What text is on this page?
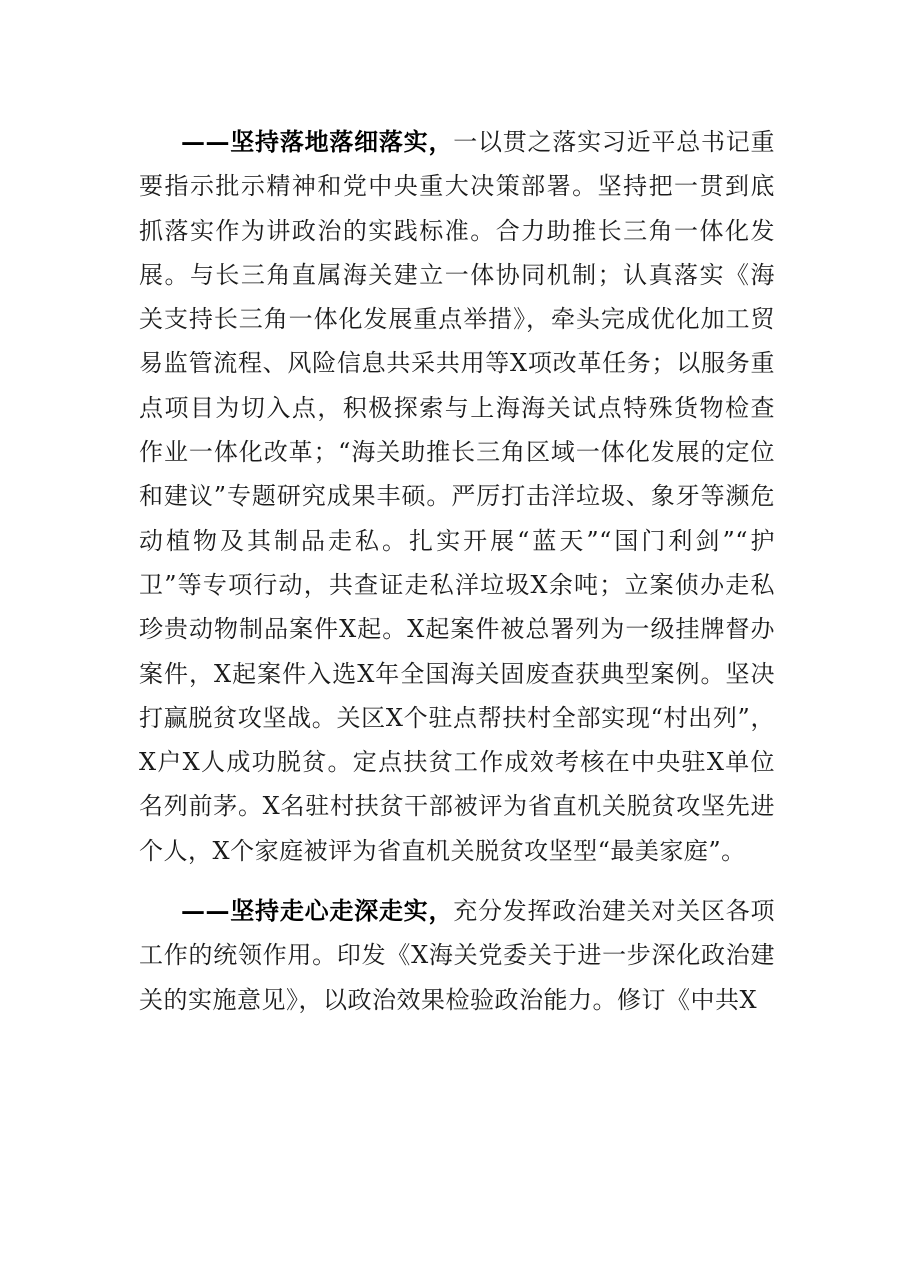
——坚持落地落细落实，一以贯之落实习近平总书记重要指示批示精神和党中央重大决策部署。坚持把一贯到底抓落实作为讲政治的实践标准。合力助推长三角一体化发展。与长三角直属海关建立一体协同机制；认真落实《海关支持长三角一体化发展重点举措》，牵头完成优化加工贸易监管流程、风险信息共采共用等X项改革任务；以服务重点项目为切入点，积极探索与上海海关试点特殊货物检查作业一体化改革；“海关助推长三角区域一体化发展的定位和建议”专题研究成果丰硕。严厉打击洋垃圾、象牙等濒危动植物及其制品走私。扎实开展“蓝天”“国门利剑”“护卫”等专项行动，共查证走私洋垃圾X余吨；立案侦办走私珍贵动物制品案件X起。X起案件被总署列为一级挂牌督办案件，X起案件入选X年全国海关固废查获典型案例。坚决打赢脱贫攻坚战。关区X个驻点帮扶村全部实现“村出列”，X户X人成功脱贫。定点扶贫工作成效考核在中央驻X单位名列前茅。X名驻村扶贫干部被评为省直机关脱贫攻坚先进个人，X个家庭被评为省直机关脱贫攻坚型“最美家庭”。

——坚持走心走深走实，充分发挥政治建关对关区各项工作的统领作用。印发《X海关党委关于进一步深化政治建关的实施意见》，以政治效果检验政治能力。修订《中共X
